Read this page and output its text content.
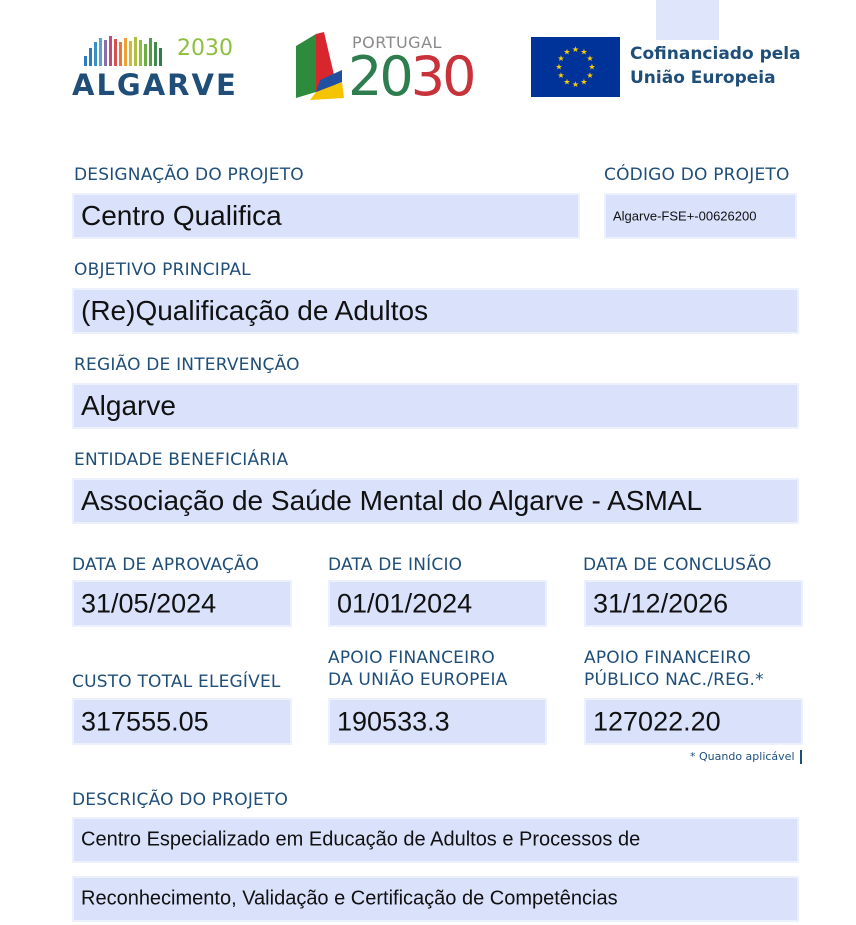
2030
ALGARVE
PORTUGAL
2030	★ ★
★
★
★
★
★
★
★
★
★
★	Cofinanciado pela
União Europeia
DESIGNAÇÃO DO PROJETO
Centro Qualifica
CÓDIGO DO PROJETO
Algarve-FSE+-00626200
OBJETIVO PRINCIPAL
(Re)Qualificação de Adultos
REGIÃO DE INTERVENÇÃO
Algarve
ENTIDADE BENEFICIÁRIA
Associação de Saúde Mental do Algarve - ASMAL
DATA DE APROVAÇÃO
31/05/2024
DATA DE INÍCIO
01/01/2024
DATA DE CONCLUSÃO
31/12/2026
CUSTO TOTAL ELEGÍVEL
317555.05
APOIO FINANCEIRO
DA UNIÃO EUROPEIA
190533.3
APOIO FINANCEIRO
PÚBLICO NAC./REG.*
127022.20
* Quando aplicável
DESCRIÇÃO DO PROJETO
Centro Especializado em Educação de Adultos e Processos de
Reconhecimento, Validação e Certificação de Competências
